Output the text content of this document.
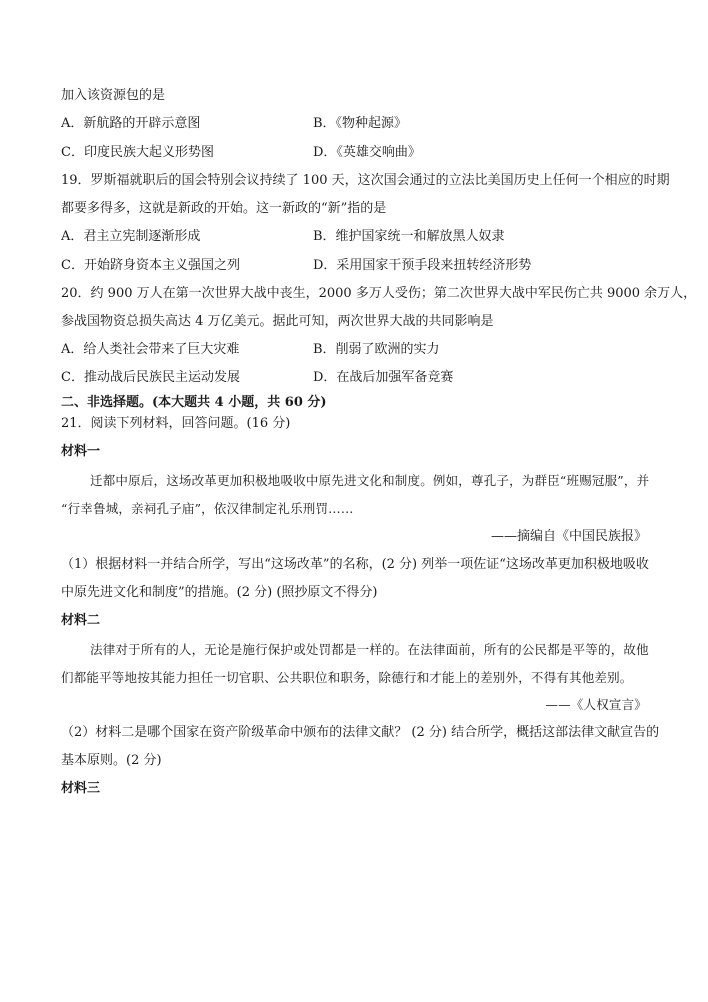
加入该资源包的是
A．新航路的开辟示意图	B．《物种起源》
C．印度民族大起义形势图	D．《英雄交响曲》
19．罗斯福就职后的国会特别会议持续了 100 天，这次国会通过的立法比美国历史上任何一个相应的时期
都要多得多，这就是新政的开始。这一新政的“新”指的是
A．君主立宪制逐渐形成	B．维护国家统一和解放黑人奴隶
C．开始跻身资本主义强国之列	D．采用国家干预手段来扭转经济形势
20．约 900 万人在第一次世界大战中丧生，2000 多万人受伤；第二次世界大战中军民伤亡共 9000 余万人，
参战国物资总损失高达 4 万亿美元。据此可知，两次世界大战的共同影响是
A．给人类社会带来了巨大灾难	B．削弱了欧洲的实力
C．推动战后民族民主运动发展	D．在战后加强军备竞赛
二、非选择题。(本大题共 4 小题，共 60 分)
21．阅读下列材料，回答问题。(16 分)
材料一
迁都中原后，这场改革更加积极地吸收中原先进文化和制度。例如，尊孔子，为群臣“班赐冠服”，并
“行幸鲁城，亲祠孔子庙”，依汉律制定礼乐刑罚……
——摘编自《中国民族报》
（1）根据材料一并结合所学，写出“这场改革”的名称，(2 分) 列举一项佐证“这场改革更加积极地吸收
中原先进文化和制度”的措施。(2 分) (照抄原文不得分)
材料二
法律对于所有的人，无论是施行保护或处罚都是一样的。在法律面前，所有的公民都是平等的，故他
们都能平等地按其能力担任一切官职、公共职位和职务，除德行和才能上的差别外，不得有其他差别。
——《人权宣言》
（2）材料二是哪个国家在资产阶级革命中颁布的法律文献？ (2 分) 结合所学，概括这部法律文献宣告的
基本原则。(2 分)
材料三
